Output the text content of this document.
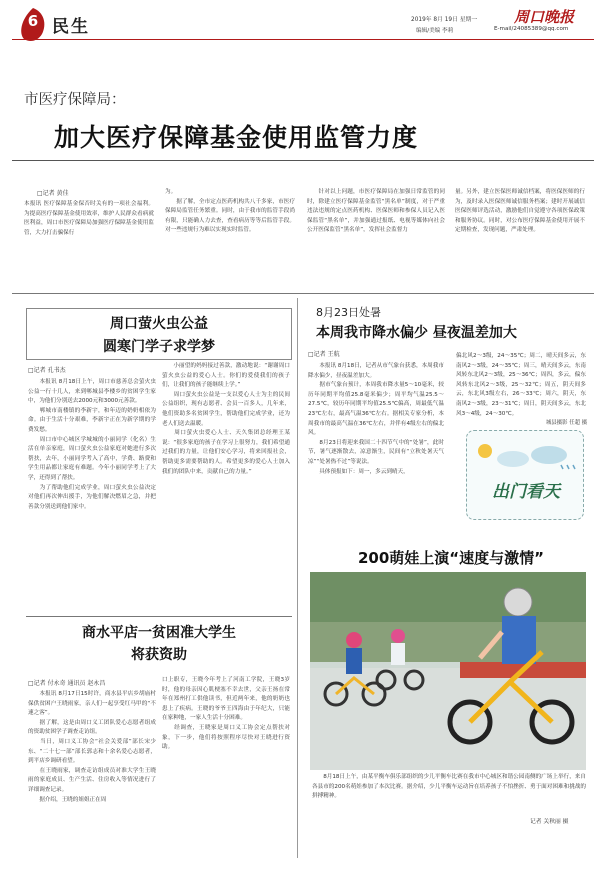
6 民生	2019年 8月 19日 星期一
编辑/美编 李莉	E-mail/24085389@qq.com
周口晚报
市医疗保障局：
加大医疗保障基金使用监管力度
□记者 黄佳
本报讯 医疗保障基金保否时关有的一项社会福利。为提高医疗保障基金使用效率，维护人民群众看病就医利益，周口市医疗保障局加强医疗保障基金使用监管，大力打击骗保行
为。
　　据了解，全市定点医药机构共八千多家，市医疗保障局监管任务繁重。同时，由于我市的监管手段尚有限，只能确人力去查，查看病历等等后监管手段。对一些违规行为难以实现实时监管。
　　针对以上问题，市医疗保障局在加强日常监管的同时，除建立医疗保障基金监管“黑名单”制度，对于严重违法违规的定点医药机构、医保医师和参保人员记入医保监管“黑名单”，并加强通过报纸、电视等媒体向社会公开医保监管“黑名单”，发挥社会监督力
量。另外，建立医保医师诚信档案，将医保医师的行为，及时录入医保医师诚信服务档案；建时开展诚信医保医师评选活动，激励他们自觉遵守各项医保政策和服务协议。同时，对公布医疗保障基金使用开展不定期检查，发现问题，严肃处理。
周口萤火虫公益
圆寒门学子求学梦
□记者 孔书杰
　　本报讯 8月18日上午，周口市慈善总会萤火虫公益一行十几人，来到郸城县李楼乡的贫困学生家中，为他们分别送去2000元和3000元善款。
　　郸城市南楼镇的李新宇，和年迈的奶奶相依为命。由于生活十分艰难，李新宇正在为新学期的学费发愁。
　　周口市中心城区学城城的小丽同学（化名）生活在单亲家庭，周口萤火虫公益家庭对她进行多次帮扶，去年，小丽同学考入了高中，学费、路费和学生用品都让家庭有难题。今年小丽同学考上了大学，还得到了帮扶。
　　为了帮助他们完成学业，周口萤火虫公益决定对他们再次伸出援手，为他们解决燃眉之急，并把善款分别送到他们家中。
　　小丽望的妈妈接过善款，激动地说：“谢谢周口萤火虫公益的爱心人士。你们的爱使我们的孩子们，让我们的孩子能继续上学。”
　　周口萤火虫公益是一支以爱心人士为主的民间公益组织，现有志愿者、会员一百多人，几年来，他们资助多名贫困学生，帮助他们完成学业，还为老人们送去温暖。
　　周口萤火虫爱心人士、天久集团总经理王某说：“很多家庭的孩子在学习上很努力，我们希望通过我们的力量，让他们安心学习，将来回报社会，帮助更多需要帮助的人。希望更多的爱心人士加入我们的团队中来，贡献自己的力量。”
商水平店一贫困准大学生
将获资助
□记者 付永奇 通讯员 赵永昌
　　本报讯 8月17日15时许，商水县平店乡胡庙村保供贫困户王晓雨家，亲人们一起享受红马甲的“不速之客”。
　　据了解，这是由周口义工团队爱心志愿者组成的资助贫困学子调查走访组。
　　当日，周口义工协会“社会关爱部”部长宋少东、“二十七一部”部长郭志和十余名爱心志愿者，到平店乡调研看望。
　　在王晓雨家，调查走访组成员对准大学生王晓雨的家庭成员、生产生活、住房收入等情况进行了详细调查记录。
　　据介绍，王晓的姐姐正在周
口上职专，王晓今年考上了河南工学院，王晓3岁时，他的母亲因心肌梗塞不幸去世，父亲王扬在常年在郑州打工供他读书，但近两年来，他的奶奶也患上了疾病。王晓的爷爷王四海由于年纪大，只能在家种地，一家人生活十分困难。
　　经调查，王晓家是周口义工协会定点帮扶对象，下一步，他们将按照程序尽快对王晓进行资助。
8月23日处暑
本周我市降水偏少 昼夜温差加大
□记者 王航
　　本报讯 8月18日，记者从市气象台获悉，本周我市降水偏少，昼夜温差加大。
　　据市气象台预计，本周我市降水量5～10毫米，较历年同期平均值25.8毫米偏少；周平均气温25.5～27.5℃，较历年同期平均值25.5℃偏高，周最低气温23℃左右，最高气温36℃左右。据相关专家分析，本周我市的最高气温在36℃左右，并伴有4级左右的偏北风。
　　8月23日将迎来我国二十四节气中的“处暑”，此时节，暑气逐渐散去，凉意渐生，民间有“立秋处暑天气凉”“处暑热不过”等说法。
　　具体预报如下：周一，多云到晴天，
偏北风2～3级，24～35℃；周二，晴天间多云，东南风2～3级，24～35℃；周三，晴天间多云，东南风转东北风2～3级，25～36℃；周四，多云，偏东风转东北风2～3级，25～32℃；周五，阴天间多云，东北风3级左右，26～33℃；周六，阴天，东南风2～3级，23～31℃；周日，阴天间多云，东北风3～4级，24～30℃。
城县摄影 任超 摄
出门看天
200萌娃上演“速度与激情”
　　8月18日上午，由某平衡车俱乐部组织的少儿平衡车比赛在我市中心城区和谐公园南侧的广场上举行，来自各县市的200名萌娃参加了本次比赛。据介绍，少儿平衡车运动旨在培养孩子不怕挫折、勇于面对困难和挑战的拼搏精神。
记者 关秋丽 摄
